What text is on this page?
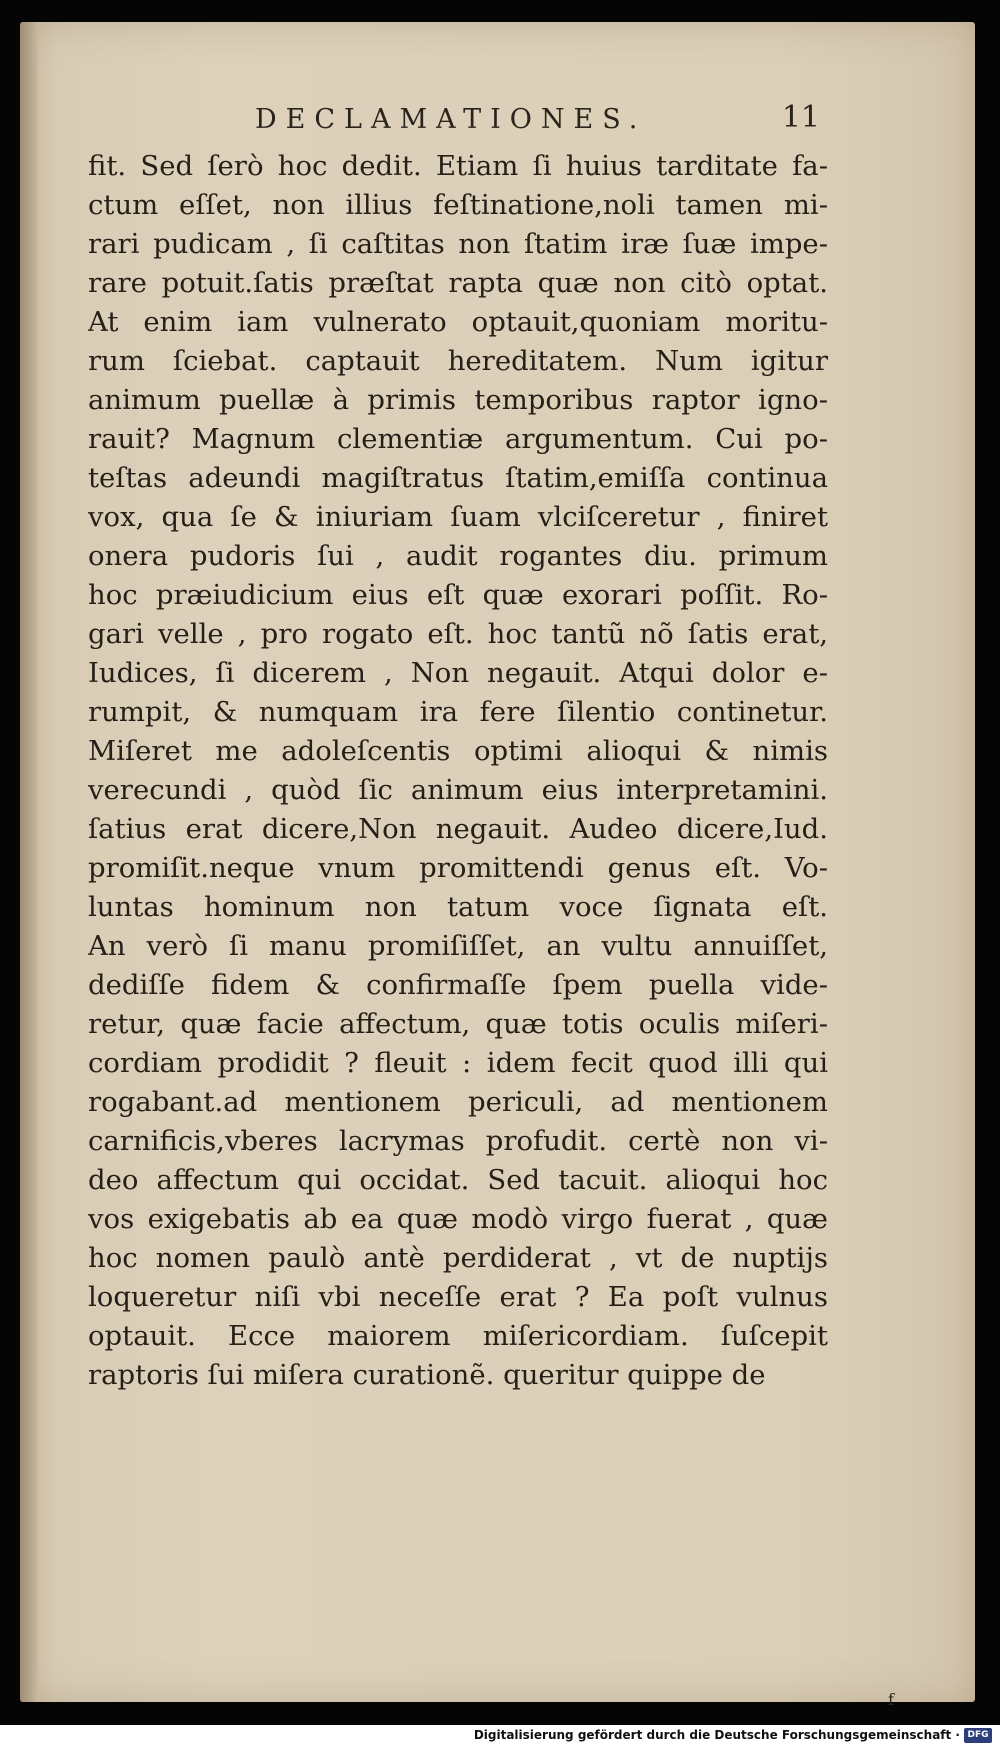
DECLAMATIONES.	11
fit. Sed ſerò hoc dedit. Etiam ſi huius tarditate fa-
ctum eſſet, non illius feſtinatione,noli tamen mi-
rari pudicam , ſi caſtitas non ſtatim iræ ſuæ impe-
rare potuit.ſatis præſtat rapta quæ non citò optat.
At enim iam vulnerato optauit,quoniam moritu-
rum ſciebat. captauit hereditatem. Num igitur
animum puellæ à primis temporibus raptor igno-
rauit? Magnum clementiæ argumentum. Cui po-
teſtas adeundi magiſtratus ſtatim,emiſſa continua
vox, qua ſe & iniuriam ſuam vlciſceretur , finiret
onera pudoris ſui , audit rogantes diu. primum
hoc præiudicium eius eſt quæ exorari poſſit. Ro-
gari velle , pro rogato eſt. hoc tantũ nõ ſatis erat,
Iudices, ſi dicerem , Non negauit. Atqui dolor e-
rumpit, & numquam ira fere ſilentio continetur.
Miſeret me adoleſcentis optimi alioqui & nimis
verecundi , quòd ſic animum eius interpretamini.
ſatius erat dicere,Non negauit. Audeo dicere,Iud.
promiſit.neque vnum promittendi genus eſt. Vo-
luntas hominum non tatum voce ſignata eſt.
An verò ſi manu promiſiſſet, an vultu annuiſſet,
dediſſe fidem & confirmaſſe ſpem puella vide-
retur, quæ facie affectum, quæ totis oculis miſeri-
cordiam prodidit ? fleuit : idem fecit quod illi qui
rogabant.ad mentionem periculi, ad mentionem
carnificis,vberes lacrymas profudit. certè non vi-
deo affectum qui occidat. Sed tacuit. alioqui hoc
vos exigebatis ab ea quæ modò virgo fuerat , quæ
hoc nomen paulò antè perdiderat , vt de nuptijs
loqueretur niſi vbi neceſſe erat ? Ea poſt vulnus
optauit. Ecce maiorem miſericordiam. ſuſcepit
raptoris ſui miſera curationẽ. queritur quippe de
f
Digitalisierung gefördert durch die Deutsche Forschungsgemeinschaft · DFG
